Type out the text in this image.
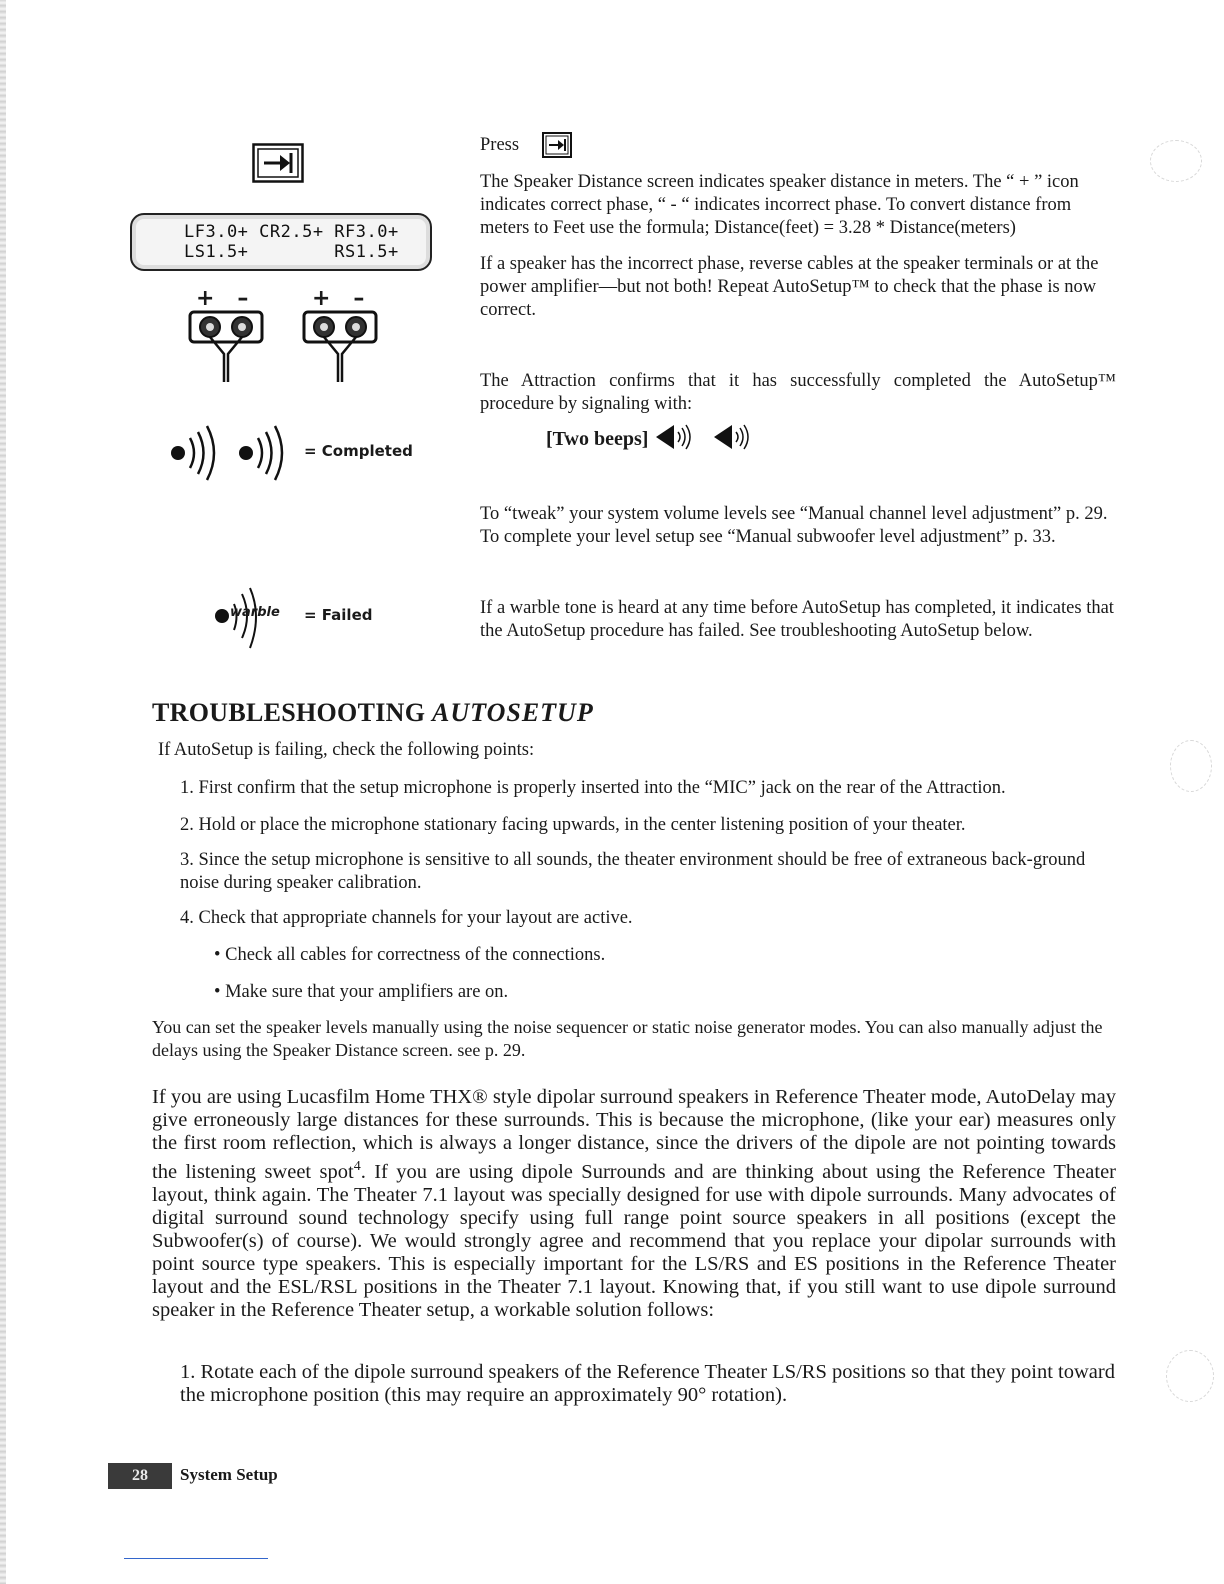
LF3.0+ CR2.5+ RF3.0+
LS1.5+        RS1.5+
+   –	+   –
= Completed
warble = Failed
Press
The Speaker Distance screen indicates speaker distance in meters. The “ + ” icon indicates correct phase, “ - “ indicates incorrect phase. To convert distance from meters to Feet use the formula; Distance(feet) = 3.28 * Distance(meters)
If a speaker has the incorrect phase, reverse cables at the speaker terminals or at the power amplifier—but not both! Repeat AutoSetup™ to check that the phase is now correct.
The Attraction confirms that it has successfully completed the AutoSetup™ procedure by signaling with:
[Two beeps]
To “tweak” your system volume levels see “Manual channel level adjustment” p. 29.
To complete your level setup see “Manual subwoofer level adjustment” p. 33.
If a warble tone is heard at any time before AutoSetup has completed, it indicates that the AutoSetup procedure has failed. See troubleshooting AutoSetup below.
TROUBLESHOOTING AUTOSETUP
If AutoSetup is failing, check the following points:
1. First confirm that the setup microphone is properly inserted into the “MIC” jack on the rear of the Attraction.
2. Hold or place the microphone stationary facing upwards, in the center listening position of your theater.
3. Since the setup microphone is sensitive to all sounds, the theater environment should be free of extraneous back-ground noise during speaker calibration.
4. Check that appropriate channels for your layout are active.
• Check all cables for correctness of the connections.
• Make sure that your amplifiers are on.
You can set the speaker levels manually using the noise sequencer or static noise generator modes. You can also manually adjust the delays using the Speaker Distance screen. see p. 29.
If you are using Lucasfilm Home THX® style dipolar surround speakers in Reference Theater mode, AutoDelay may give erroneously large distances for these surrounds. This is because the microphone, (like your ear) measures only the first room reflection, which is always a longer distance, since the drivers of the dipole are not pointing towards the listening sweet spot$^4$. If you are using dipole Surrounds and are thinking about using the Reference Theater layout, think again. The Theater 7.1 layout was specially designed for use with dipole surrounds. Many advocates of digital surround sound technology specify using full range point source speakers in all positions (except the Subwoofer(s) of course). We would strongly agree and recommend that you replace your dipolar surrounds with point source type speakers. This is especially important for the LS/RS and ES positions in the Reference Theater layout and the ESL/RSL positions in the Theater 7.1 layout. Knowing that, if you still want to use dipole surround speaker in the Reference Theater setup, a workable solution follows:
1. Rotate each of the dipole surround speakers of the Reference Theater LS/RS positions so that they point toward the microphone position (this may require an approximately 90° rotation).
28	System Setup
